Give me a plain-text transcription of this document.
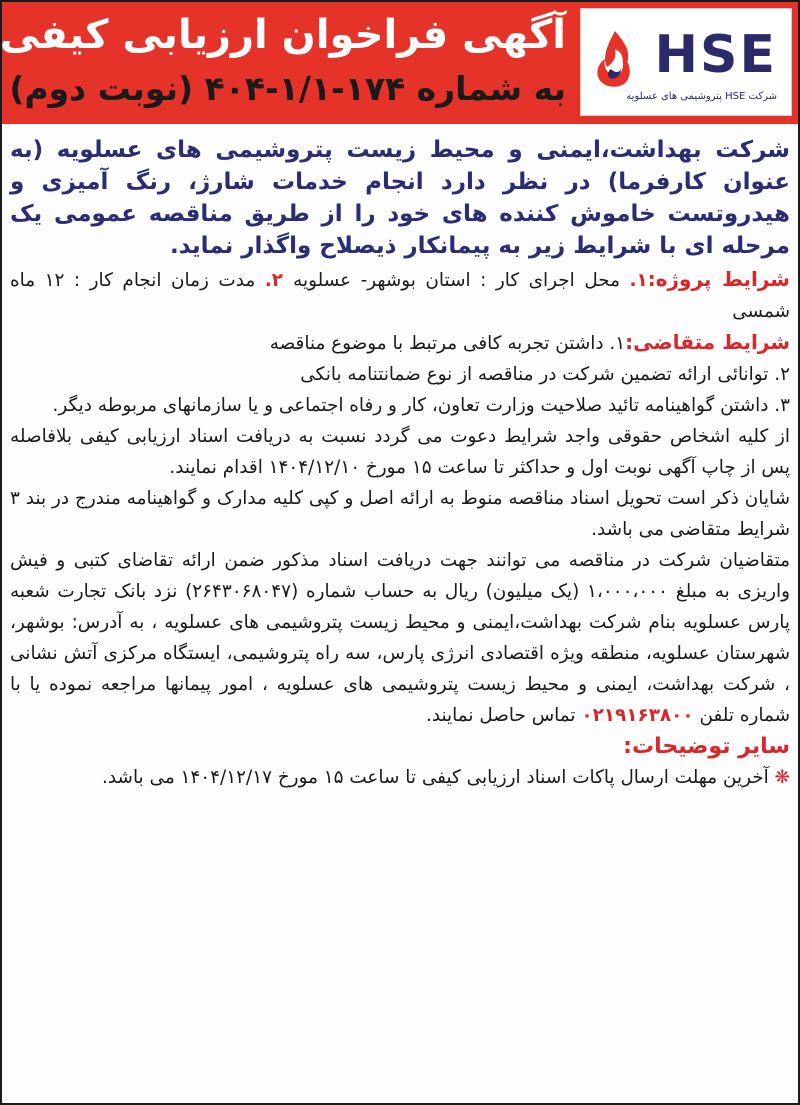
HSE
شرکت HSE پتروشیمی های عسلویه
آگهی فراخوان ارزیابی کیفی
به شماره ۱۷۴-۱/۱-۴۰۴ (نوبت دوم)

شرکت بهداشت،ایمنی و محیط زیست پتروشیمی های عسلویه (به عنوان کارفرما) در نظر دارد انجام خدمات شارژ، رنگ آمیزی و هیدروتست خاموش کننده های خود را از طریق مناقصه عمومی یک مرحله ای با شرایط زیر به پیمانکار ذیصلاح واگذار نماید.

شرایط پروژه:۱. محل اجرای کار : استان بوشهر- عسلویه ۲. مدت زمان انجام کار : ۱۲ ماه شمسی

شرایط متقاضی:۱. داشتن تجربه کافی مرتبط با موضوع مناقصه

۲. توانائی ارائه تضمین شرکت در مناقصه از نوع ضمانتنامه بانکی

۳. داشتن گواهینامه تائید صلاحیت وزارت تعاون، کار و رفاه اجتماعی و یا سازمانهای مربوطه دیگر.

از کلیه اشخاص حقوقی واجد شرایط دعوت می گردد نسبت به دریافت اسناد ارزیابی کیفی بلافاصله پس از چاپ آگهی نوبت اول و حداکثر تا ساعت ۱۵ مورخ ۱۴۰۴/۱۲/۱۰ اقدام نمایند.

شایان ذکر است تحویل اسناد مناقصه منوط به ارائه اصل و کپی کلیه مدارک و گواهینامه مندرج در بند ۳ شرایط متقاضی می باشد.

متقاضیان شرکت در مناقصه می توانند جهت دریافت اسناد مذکور ضمن ارائه تقاضای کتبی و فیش واریزی به مبلغ ۱،۰۰۰،۰۰۰ (یک میلیون) ریال به حساب شماره (۲۶۴۳۰۶۸۰۴۷) نزد بانک تجارت شعبه پارس عسلویه بنام شرکت بهداشت،ایمنی و محیط زیست پتروشیمی های عسلویه ، به آدرس: بوشهر، شهرستان عسلویه، منطقه ویژه اقتصادی انرژی پارس، سه راه پتروشیمی، ایستگاه مرکزی آتش نشانی ، شرکت بهداشت، ایمنی و محیط زیست پتروشیمی های عسلویه ، امور پیمانها مراجعه نموده یا با شماره تلفن ۰۲۱۹۱۶۳۸۰۰ تماس حاصل نمایند.

سایر توضیحات:

❋ آخرین مهلت ارسال پاکات اسناد ارزیابی کیفی تا ساعت ۱۵ مورخ ۱۴۰۴/۱۲/۱۷ می باشد.
